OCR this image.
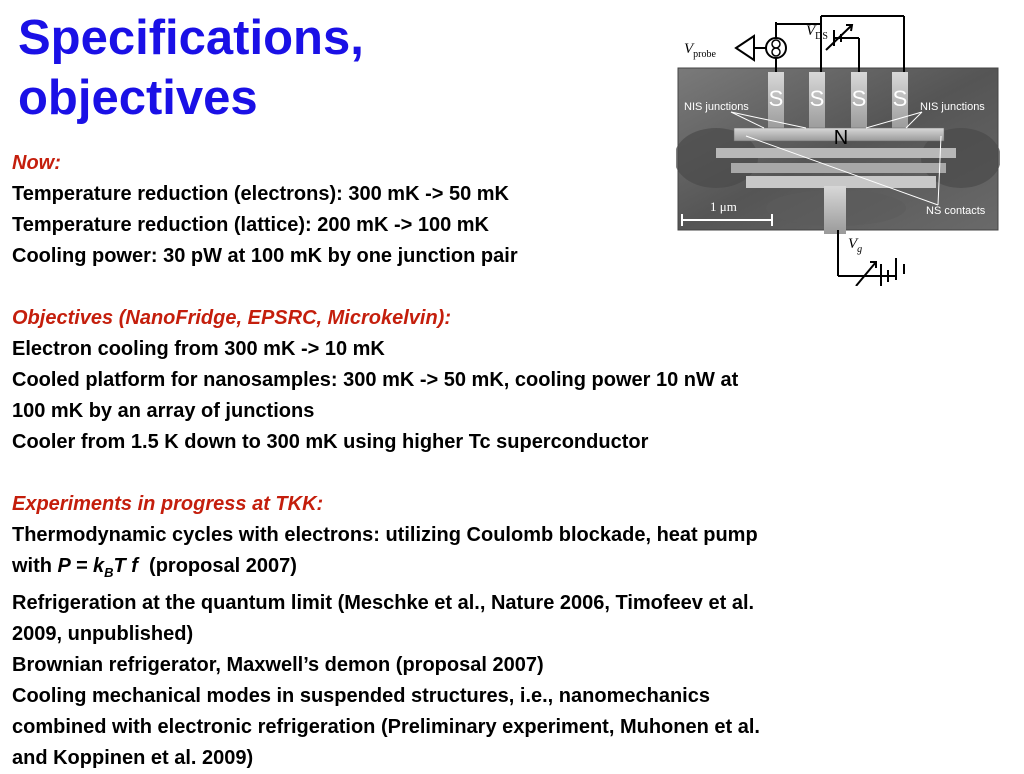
Specifications,
objectives
$V_{probe}$
$V_{DS}$
$V_g$
S S S S
N
NIS junctions	NIS junctions
NS contacts
1 μm
Now:
Temperature reduction (electrons): 300 mK -> 50 mK
Temperature reduction (lattice): 200 mK -> 100 mK
Cooling power: 30 pW at 100 mK by one junction pair
Objectives (NanoFridge, EPSRC, Microkelvin):
Electron cooling from 300 mK -> 10 mK
Cooled platform for nanosamples: 300 mK -> 50 mK, cooling power 10 nW at
100 mK by an array of junctions
Cooler from 1.5 K down to 300 mK using higher Tc superconductor
Experiments in progress at TKK:
Thermodynamic cycles with electrons: utilizing Coulomb blockade, heat pump
with $P = k_BT$ f  (proposal 2007)
Refrigeration at the quantum limit (Meschke et al., Nature 2006, Timofeev et al.
2009, unpublished)
Brownian refrigerator, Maxwell’s demon (proposal 2007)
Cooling mechanical modes in suspended structures, i.e., nanomechanics
combined with electronic refrigeration (Preliminary experiment, Muhonen et al.
and Koppinen et al. 2009)
